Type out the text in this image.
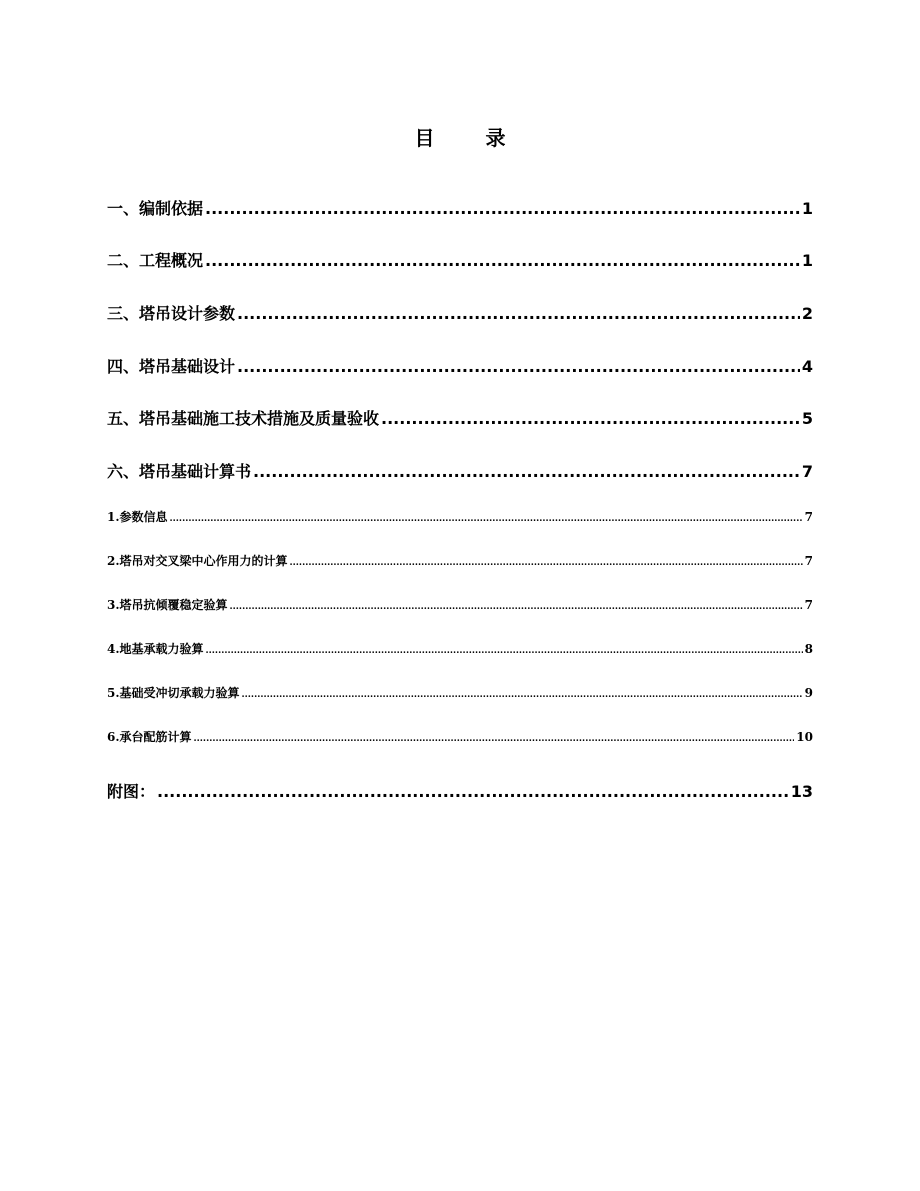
目 录
一、编制依据 .....	1
二、工程概况 .....	1
三、塔吊设计参数 .....	2
四、塔吊基础设计 .....	4
五、塔吊基础施工技术措施及质量验收 .....	5
六、塔吊基础计算书 .....	7
1.参数信息 .....	7
2.塔吊对交叉梁中心作用力的计算 .....	7
3.塔吊抗倾覆稳定验算 .....	7
4.地基承载力验算 .....	8
5.基础受冲切承载力验算 .....	9
6.承台配筋计算 .....	10
附图： .....	13
